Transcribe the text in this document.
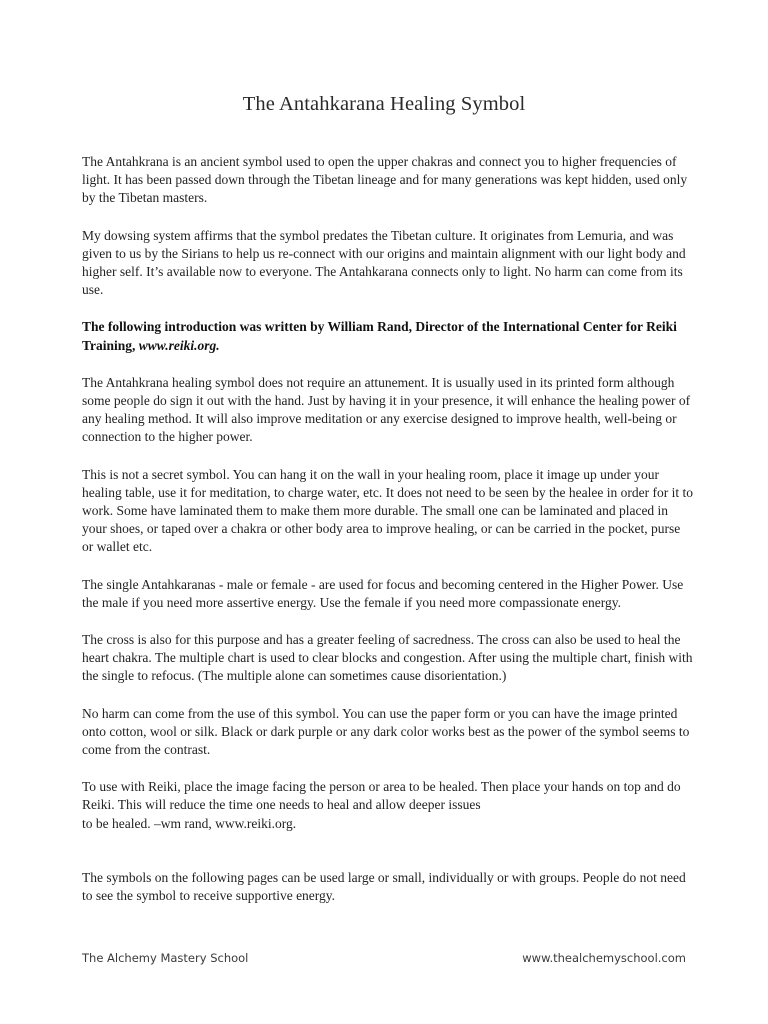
The Antahkarana Healing Symbol

The Antahkrana is an ancient symbol used to open the upper chakras and connect you to higher frequencies of light. It has been passed down through the Tibetan lineage and for many generations was kept hidden, used only by the Tibetan masters.

My dowsing system affirms that the symbol predates the Tibetan culture. It originates from Lemuria, and was given to us by the Sirians to help us re-connect with our origins and maintain alignment with our light body and higher self. It’s available now to everyone. The Antahkarana connects only to light. No harm can come from its use.

The following introduction was written by William Rand, Director of the International Center for Reiki Training, www.reiki.org.

The Antahkrana healing symbol does not require an attunement. It is usually used in its printed form although some people do sign it out with the hand. Just by having it in your presence, it will enhance the healing power of any healing method. It will also improve meditation or any exercise designed to improve health, well-being or connection to the higher power.

This is not a secret symbol. You can hang it on the wall in your healing room, place it image up under your healing table, use it for meditation, to charge water, etc. It does not need to be seen by the healee in order for it to work. Some have laminated them to make them more durable. The small one can be laminated and placed in your shoes, or taped over a chakra or other body area to improve healing, or can be carried in the pocket, purse or wallet etc.

The single Antahkaranas - male or female - are used for focus and becoming centered in the Higher Power. Use the male if you need more assertive energy. Use the female if you need more compassionate energy.

The cross is also for this purpose and has a greater feeling of sacredness. The cross can also be used to heal the heart chakra. The multiple chart is used to clear blocks and congestion. After using the multiple chart, finish with the single to refocus. (The multiple alone can sometimes cause disorientation.)

No harm can come from the use of this symbol. You can use the paper form or you can have the image printed onto cotton, wool or silk. Black or dark purple or any dark color works best as the power of the symbol seems to come from the contrast.

To use with Reiki, place the image facing the person or area to be healed. Then place your hands on top and do Reiki. This will reduce the time one needs to heal and allow deeper issues

to be healed. –wm rand, www.reiki.org.

The symbols on the following pages can be used large or small, individually or with groups. People do not need to see the symbol to receive supportive energy.

The Alchemy Mastery School	www.thealchemyschool.com
